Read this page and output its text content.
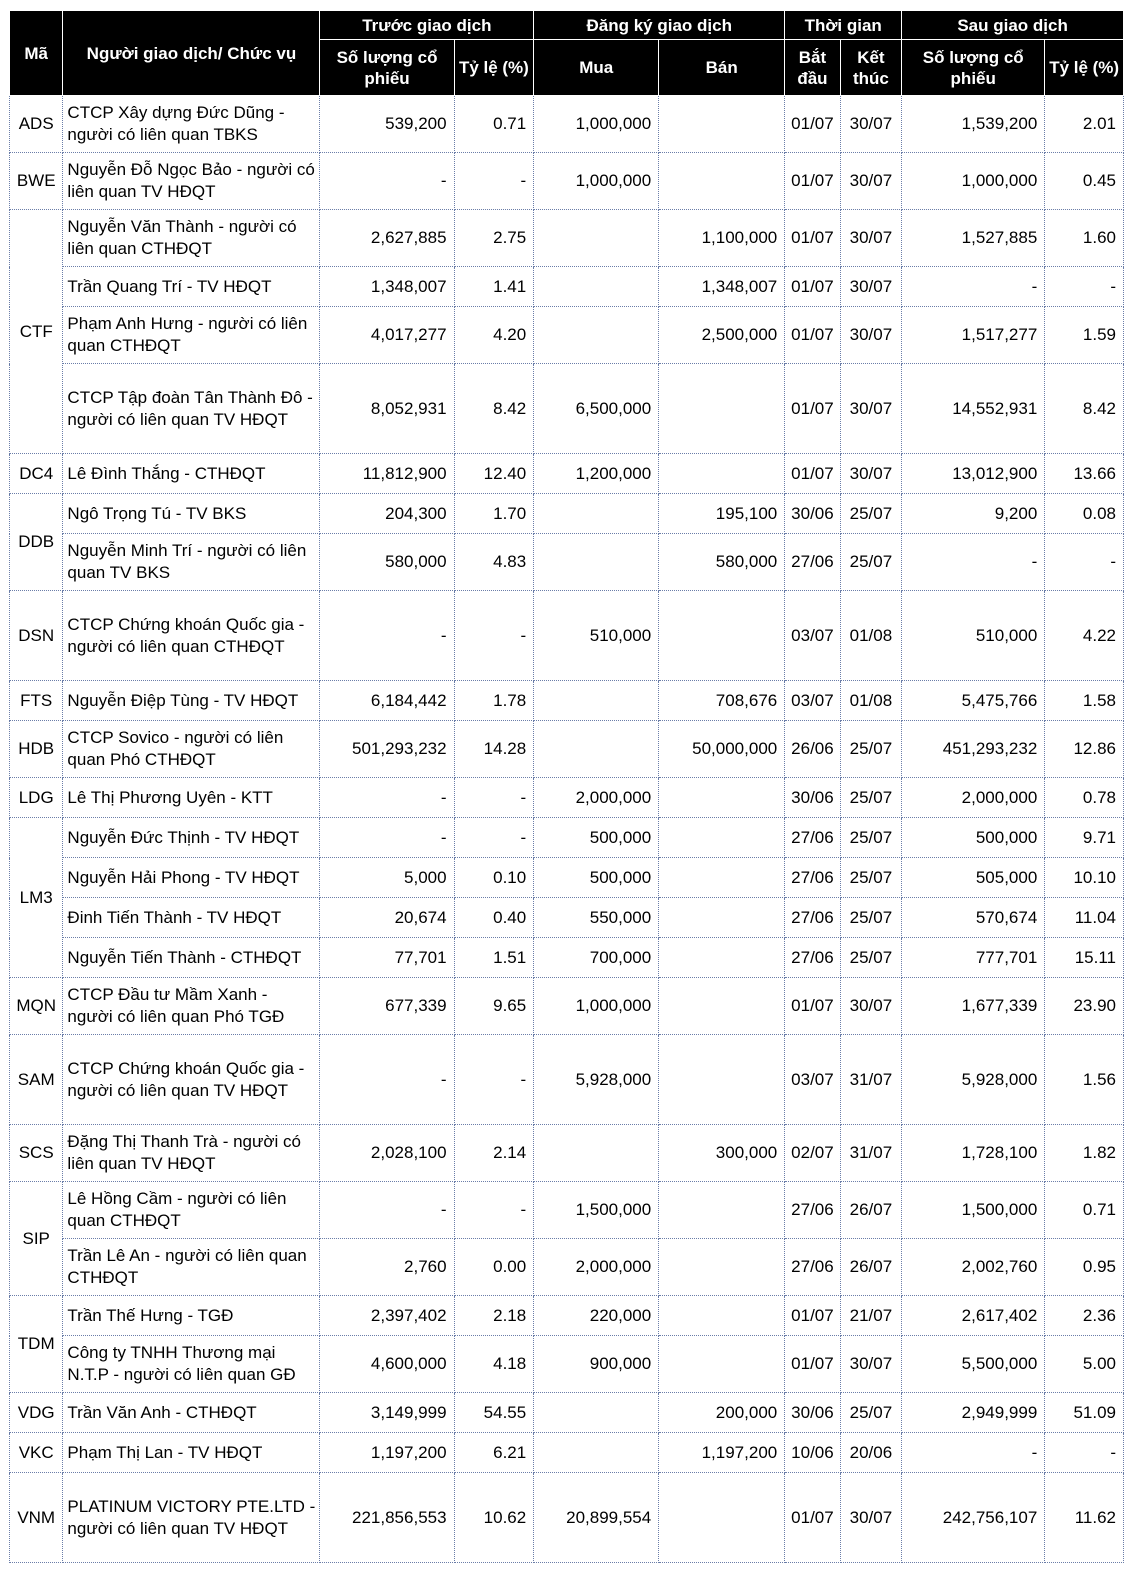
Mã	Người giao dịch/ Chức vụ	Trước giao dịch		Đăng ký giao dịch		Thời gian		Sau giao dịch	
		Số lượng cổ phiếu	Tỷ lệ (%)	Mua	Bán	Bắt đầu	Kết thúc	Số lượng cổ phiếu	Tỷ lệ (%)
ADS	CTCP Xây dựng Đức Dũng - người có liên quan TBKS	539,200	0.71	1,000,000		01/07	30/07	1,539,200	2.01
BWE	Nguyễn Đỗ Ngọc Bảo - người có liên quan TV HĐQT	-	-	1,000,000		01/07	30/07	1,000,000	0.45
CTF	Nguyễn Văn Thành - người có liên quan CTHĐQT	2,627,885	2.75		1,100,000	01/07	30/07	1,527,885	1.60
	Trần Quang Trí - TV HĐQT	1,348,007	1.41		1,348,007	01/07	30/07	-	-
	Phạm Anh Hưng - người có liên quan CTHĐQT	4,017,277	4.20		2,500,000	01/07	30/07	1,517,277	1.59
	CTCP Tập đoàn Tân Thành Đô - người có liên quan TV HĐQT	8,052,931	8.42	6,500,000		01/07	30/07	14,552,931	8.42
DC4	Lê Đình Thắng - CTHĐQT	11,812,900	12.40	1,200,000		01/07	30/07	13,012,900	13.66
DDB	Ngô Trọng Tú - TV BKS	204,300	1.70		195,100	30/06	25/07	9,200	0.08
	Nguyễn Minh Trí - người có liên quan TV BKS	580,000	4.83		580,000	27/06	25/07	-	-
DSN	CTCP Chứng khoán Quốc gia - người có liên quan CTHĐQT	-	-	510,000		03/07	01/08	510,000	4.22
FTS	Nguyễn Điệp Tùng - TV HĐQT	6,184,442	1.78		708,676	03/07	01/08	5,475,766	1.58
HDB	CTCP Sovico - người có liên quan Phó CTHĐQT	501,293,232	14.28		50,000,000	26/06	25/07	451,293,232	12.86
LDG	Lê Thị Phương Uyên - KTT	-	-	2,000,000		30/06	25/07	2,000,000	0.78
LM3	Nguyễn Đức Thịnh - TV HĐQT	-	-	500,000		27/06	25/07	500,000	9.71
	Nguyễn Hải Phong - TV HĐQT	5,000	0.10	500,000		27/06	25/07	505,000	10.10
	Đinh Tiến Thành - TV HĐQT	20,674	0.40	550,000		27/06	25/07	570,674	11.04
	Nguyễn Tiến Thành - CTHĐQT	77,701	1.51	700,000		27/06	25/07	777,701	15.11
MQN	CTCP Đầu tư Mầm Xanh - người có liên quan Phó TGĐ	677,339	9.65	1,000,000		01/07	30/07	1,677,339	23.90
SAM	CTCP Chứng khoán Quốc gia - người có liên quan TV HĐQT	-	-	5,928,000		03/07	31/07	5,928,000	1.56
SCS	Đặng Thị Thanh Trà - người có liên quan TV HĐQT	2,028,100	2.14		300,000	02/07	31/07	1,728,100	1.82
SIP	Lê Hồng Cầm - người có liên quan CTHĐQT	-	-	1,500,000		27/06	26/07	1,500,000	0.71
	Trần Lê An - người có liên quan CTHĐQT	2,760	0.00	2,000,000		27/06	26/07	2,002,760	0.95
TDM	Trần Thế Hưng - TGĐ	2,397,402	2.18	220,000		01/07	21/07	2,617,402	2.36
	Công ty TNHH Thương mại N.T.P - người có liên quan GĐ	4,600,000	4.18	900,000		01/07	30/07	5,500,000	5.00
VDG	Trần Văn Anh - CTHĐQT	3,149,999	54.55		200,000	30/06	25/07	2,949,999	51.09
VKC	Phạm Thị Lan - TV HĐQT	1,197,200	6.21		1,197,200	10/06	20/06	-	-
VNM	PLATINUM VICTORY PTE.LTD - người có liên quan TV HĐQT	221,856,553	10.62	20,899,554		01/07	30/07	242,756,107	11.62
